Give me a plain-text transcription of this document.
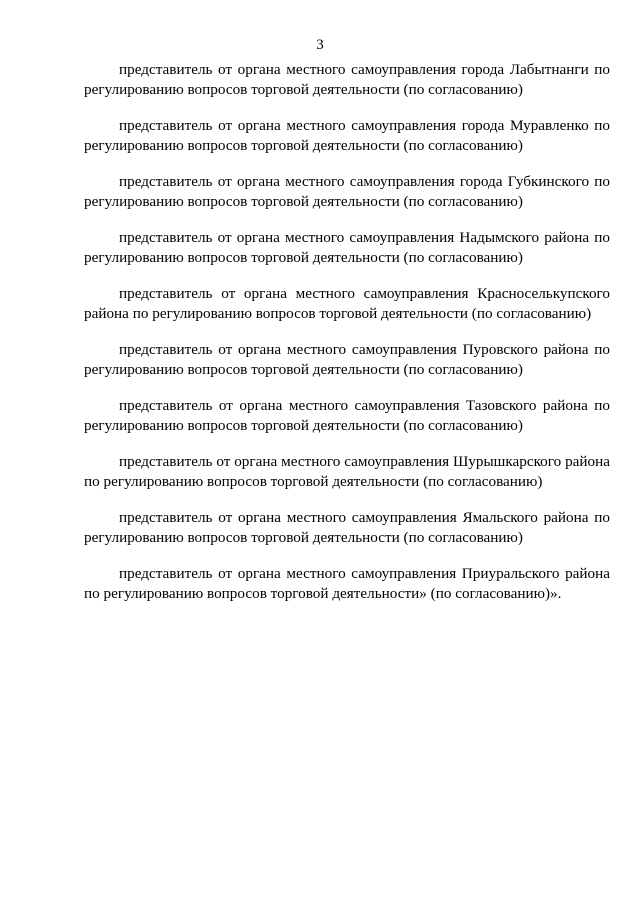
3

представитель от органа местного самоуправления города Лабытнанги по регулированию вопросов торговой деятельности (по согласованию)

представитель от органа местного самоуправления города Муравленко по регулированию вопросов торговой деятельности (по согласованию)

представитель от органа местного самоуправления города Губкинского по регулированию вопросов торговой деятельности (по согласованию)

представитель от органа местного самоуправления Надымского района по регулированию вопросов торговой деятельности (по согласованию)

представитель от органа местного самоуправления Красноселькупского района по регулированию вопросов торговой деятельности (по согласованию)

представитель от органа местного самоуправления Пуровского района по регулированию вопросов торговой деятельности (по согласованию)

представитель от органа местного самоуправления Тазовского района по регулированию вопросов торговой деятельности (по согласованию)

представитель от органа местного самоуправления Шурышкарского района по регулированию вопросов торговой деятельности (по согласованию)

представитель от органа местного самоуправления Ямальского района по регулированию вопросов торговой деятельности (по согласованию)

представитель от органа местного самоуправления Приуральского района по регулированию вопросов торговой деятельности» (по согласованию)».
